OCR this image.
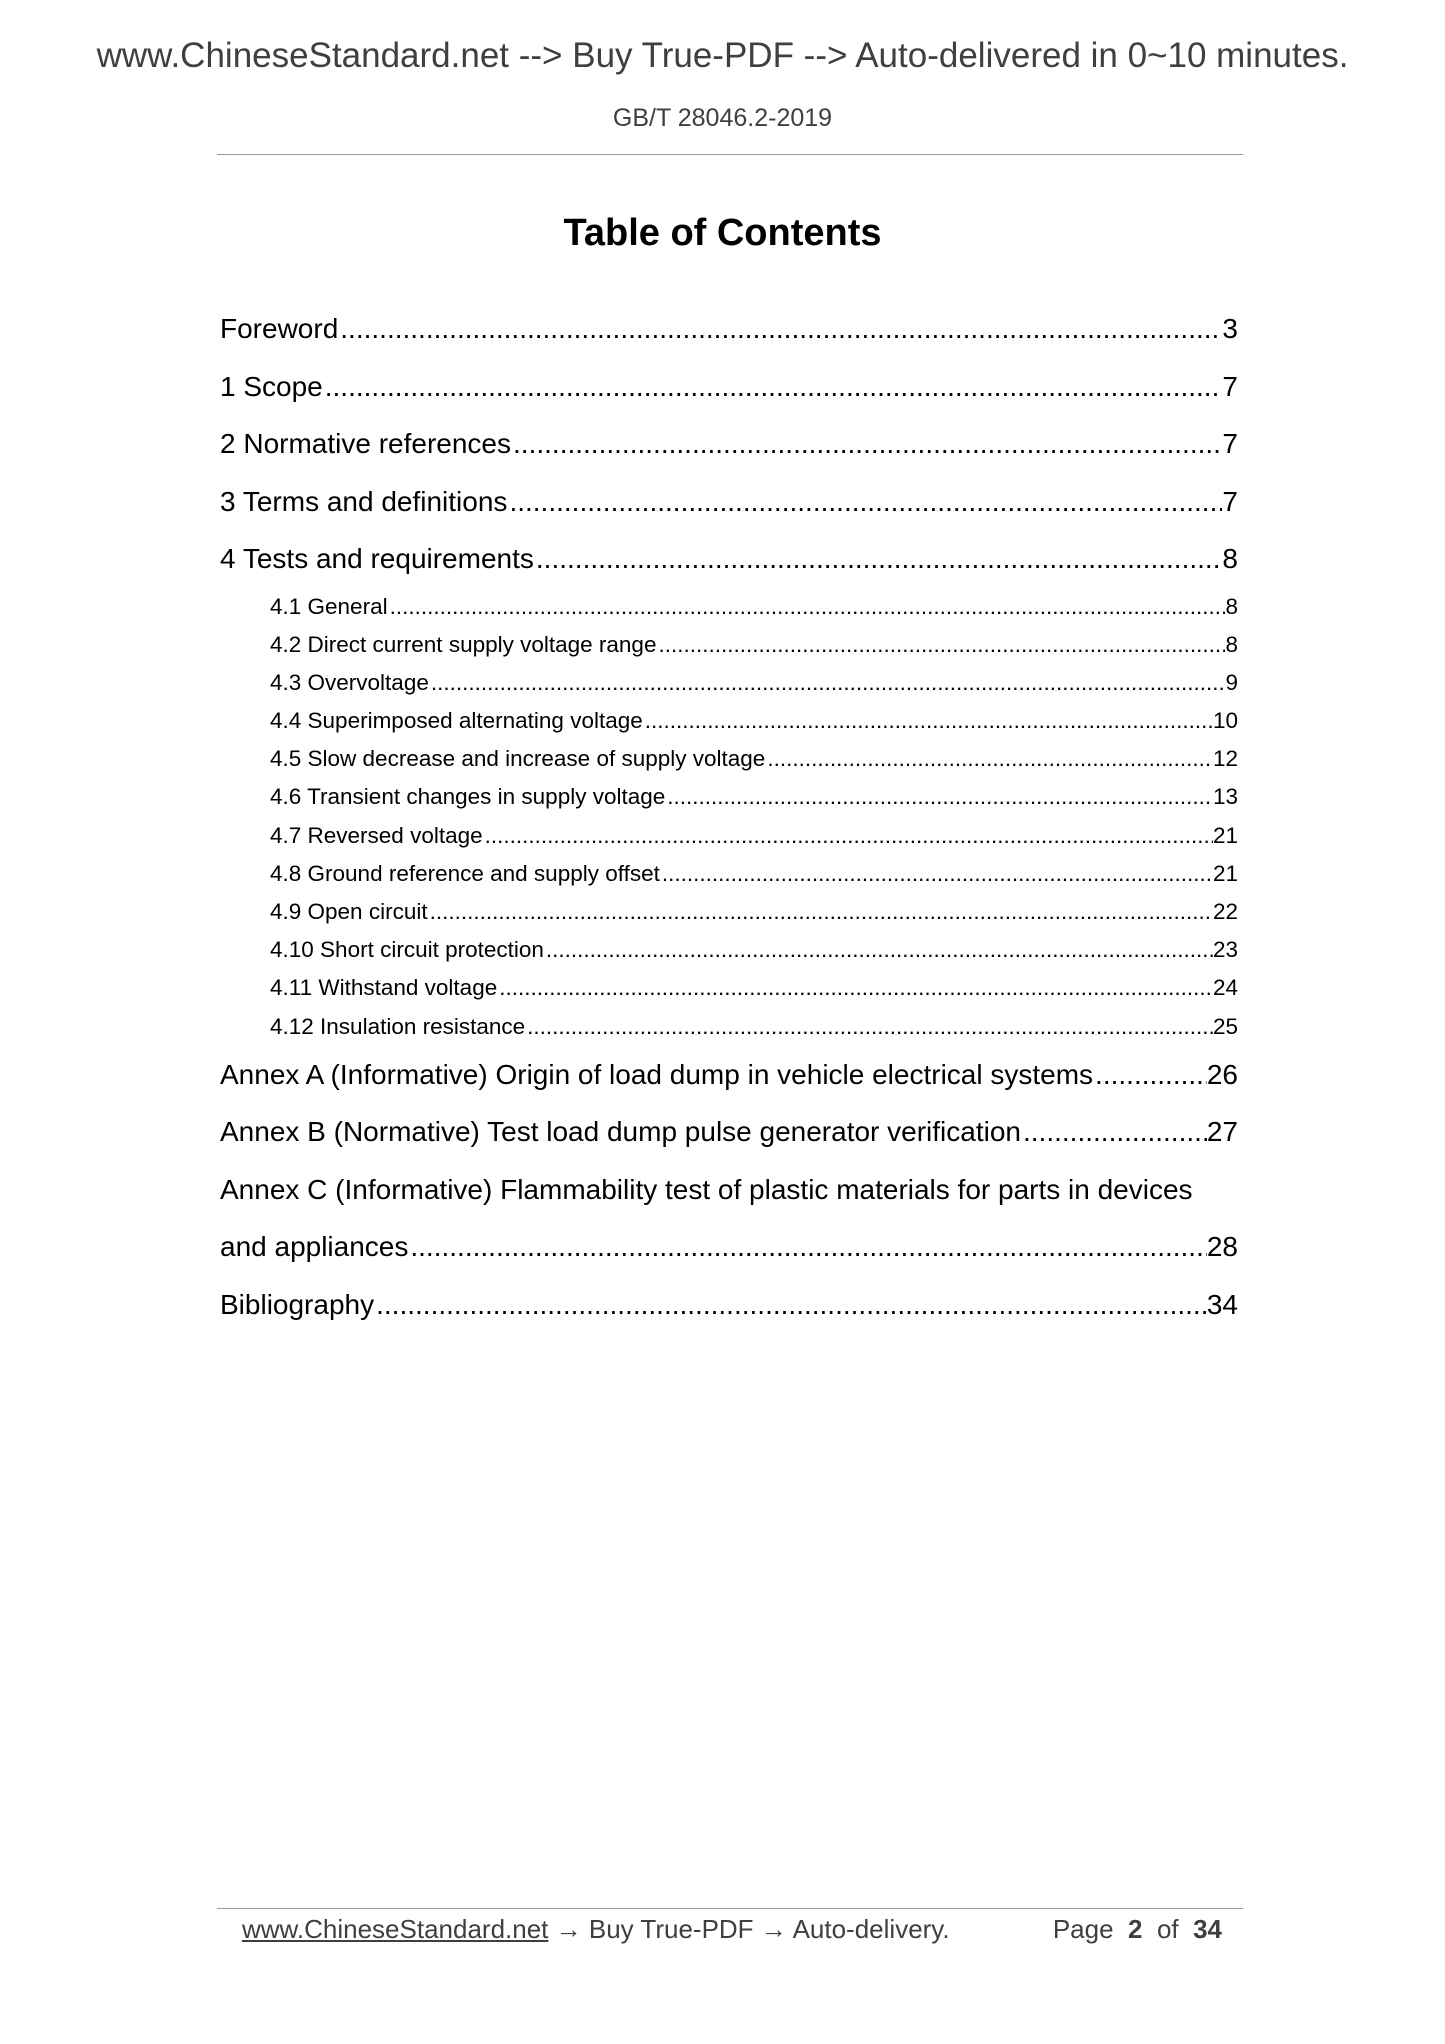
www.ChineseStandard.net --> Buy True-PDF --> Auto-delivered in 0~10 minutes.
GB/T 28046.2-2019
Table of Contents
Foreword .....	3
1 Scope .....	7
2 Normative references .....	7
3 Terms and definitions .....	7
4 Tests and requirements .....	8
4.1 General .....	8
4.2 Direct current supply voltage range .....	8
4.3 Overvoltage .....	9
4.4 Superimposed alternating voltage .....	10
4.5 Slow decrease and increase of supply voltage .....	12
4.6 Transient changes in supply voltage .....	13
4.7 Reversed voltage .....	21
4.8 Ground reference and supply offset .....	21
4.9 Open circuit .....	22
4.10 Short circuit protection .....	23
4.11 Withstand voltage .....	24
4.12 Insulation resistance .....	25
Annex A (Informative) Origin of load dump in vehicle electrical systems .....	26
Annex B (Normative) Test load dump pulse generator verification .....	27
Annex C (Informative) Flammability test of plastic materials for parts in devices
and appliances .....	28
Bibliography .....	34
www.ChineseStandard.net → Buy True-PDF → Auto-delivery.	Page 2 of 34
